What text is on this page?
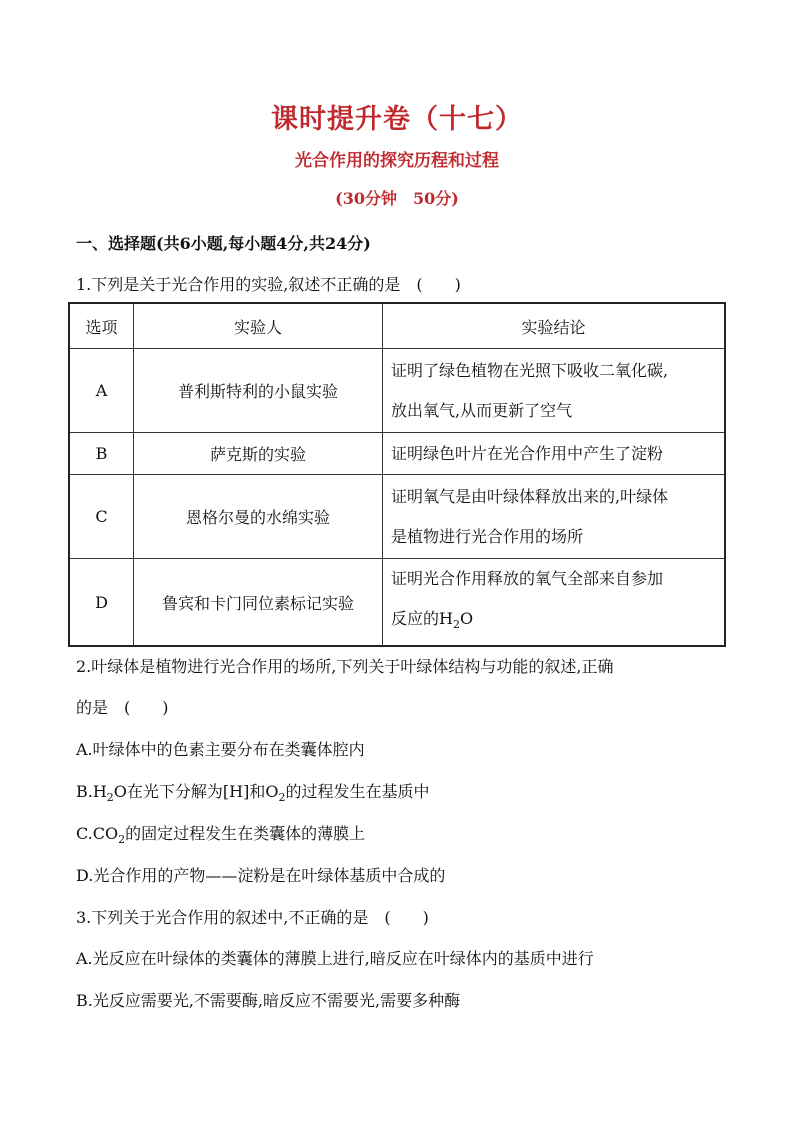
课时提升卷（十七）
光合作用的探究历程和过程
(30分钟　50分)
一、选择题(共6小题,每小题4分,共24分)
1.下列是关于光合作用的实验,叙述不正确的是　(　　)
选项	实验人	实验结论
A	普利斯特利的小鼠实验	证明了绿色植物在光照下吸收二氧化碳,
放出氧气,从而更新了空气

B	萨克斯的实验	证明绿色叶片在光合作用中产生了淀粉

C	恩格尔曼的水绵实验	证明氧气是由叶绿体释放出来的,叶绿体
是植物进行光合作用的场所

D	鲁宾和卡门同位素标记实验	证明光合作用释放的氧气全部来自参加
反应的$H_2O$
2.叶绿体是植物进行光合作用的场所,下列关于叶绿体结构与功能的叙述,正确
的是　(　　)
A.叶绿体中的色素主要分布在类囊体腔内
$B.H_2O$在光下分解为[H]和$O_2$的过程发生在基质中
$C.CO_2$的固定过程发生在类囊体的薄膜上
D.光合作用的产物——淀粉是在叶绿体基质中合成的
3.下列关于光合作用的叙述中,不正确的是　(　　)
A.光反应在叶绿体的类囊体的薄膜上进行,暗反应在叶绿体内的基质中进行
B.光反应需要光,不需要酶,暗反应不需要光,需要多种酶
